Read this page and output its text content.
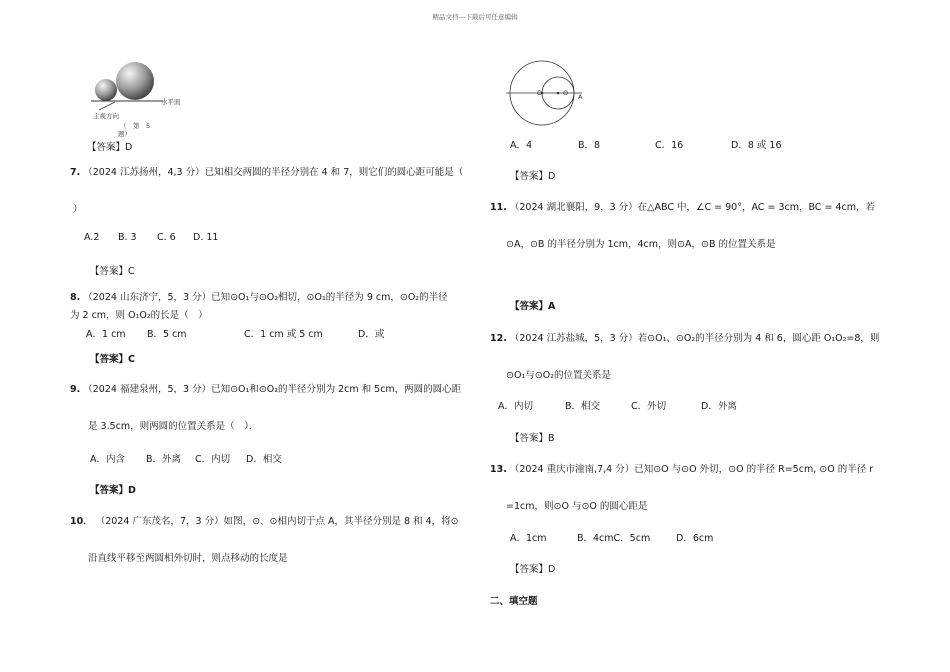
精品文档---下载后可任意编辑
水平面
主视方向
（　第　5
题）
【答案】D
7. （2024 江苏扬州，4,3 分）已知相交两圆的半径分别在 4 和 7，则它们的圆心距可能是（
）
A.2 B. 3 C. 6 D. 11
【答案】C
8. （2024 山东济宁，5，3 分）已知⊙O₁与⊙O₂相切，⊙O₁的半径为 9 cm，⊙O₂的半径
为 2 cm，则 O₁O₂的长是（　）
A．1 cm B．5 cm	C．1 cm 或 5 cm	D．或
【答案】C
9. （2024 福建泉州，5，3 分）已知⊙O₁和⊙O₂的半径分别为 2cm 和 5cm，两圆的圆心距
是 3.5cm，则两圆的位置关系是（　）．
A．内含 B．外离 C．内切 D．相交
【答案】D
10． （2024 广东茂名，7，3 分）如图，⊙、⊙相内切于点 A，其半径分别是 8 和 4，将⊙
沿直线平移至两圆相外切时，则点移动的长度是
O	O A
A．4	B．8	C．16	D．8 或 16
【答案】D
11. （2024 湖北襄阳，9，3 分）在△ABC 中，∠C = 90°，AC = 3cm，BC = 4cm，若
⊙A，⊙B 的半径分别为 1cm，4cm，则⊙A，⊙B 的位置关系是
【答案】A
12. （2024 江苏盐城，5，3 分）若⊙O₁、⊙O₂的半径分别为 4 和 6，圆心距 O₁O₂=8，则
⊙O₁与⊙O₂的位置关系是
A．内切	B．相交	C．外切	D．外离
【答案】B
13. （2024 重庆市潼南,7,4 分）已知⊙O 与⊙O 外切，⊙O 的半径 R=5cm, ⊙O 的半径 r
=1cm，则⊙O 与⊙O 的圆心距是
A．1cm	B．4cmC．5cm	D．6cm
【答案】D
二、填空题
